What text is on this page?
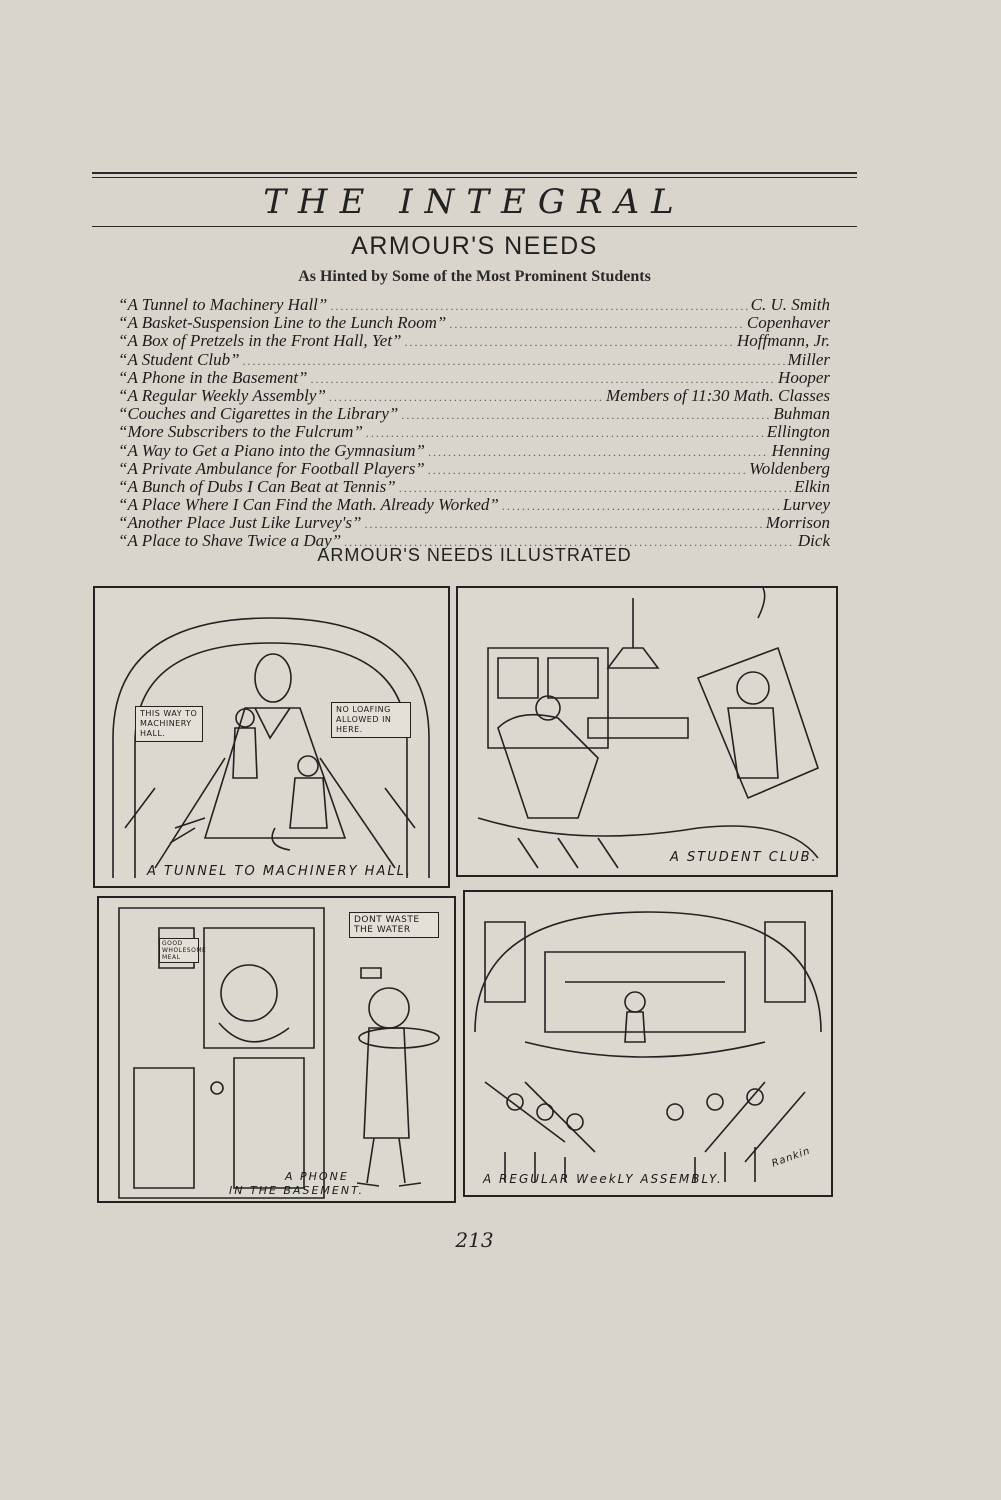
THE INTEGRAL
ARMOUR'S NEEDS
As Hinted by Some of the Most Prominent Students
“A Tunnel to Machinery Hall” .....	C. U. Smith
“A Basket-Suspension Line to the Lunch Room” .....	Copenhaver
“A Box of Pretzels in the Front Hall, Yet” .....	Hoffmann, Jr.
“A Student Club” .....	Miller
“A Phone in the Basement” .....	Hooper
“A Regular Weekly Assembly” .....	Members of 11:30 Math. Classes
“Couches and Cigarettes in the Library” .....	Buhman
“More Subscribers to the Fulcrum” .....	Ellington
“A Way to Get a Piano into the Gymnasium” .....	Henning
“A Private Ambulance for Football Players” .....	Woldenberg
“A Bunch of Dubs I Can Beat at Tennis” .....	Elkin
“A Place Where I Can Find the Math. Already Worked” .....	Lurvey
“Another Place Just Like Lurvey's” .....	Morrison
“A Place to Shave Twice a Day” .....	Dick
ARMOUR'S NEEDS ILLUSTRATED
THIS WAY TO MACHINERY HALL.
NO LOAFING ALLOWED IN HERE.
A TUNNEL TO MACHINERY HALL.
A STUDENT CLUB.
DONT WASTE THE WATER
GOOD WHOLESOME MEAL
A PHONE
IN THE BASEMENT.
A REGULAR WeekLY ASSEMBLY.
Rankin
213
